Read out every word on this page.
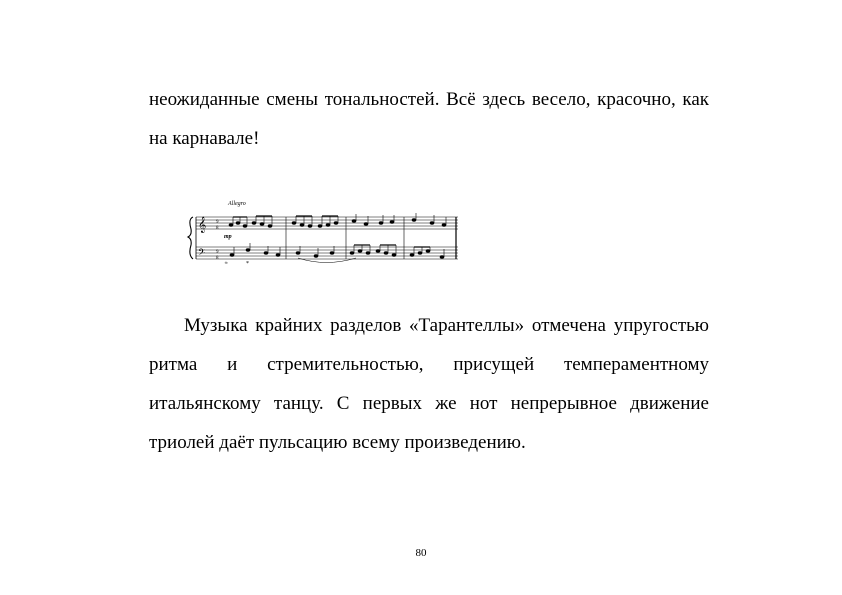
неожиданные смены тональностей. Всё здесь весело, красочно, как на карнавале!

Allegro
𝄞
𝄢
9
8
9
8
mp
𝆮	*

Музыка крайних разделов «Тарантеллы» отмечена упругостью ритма и стремительностью, присущей темпераментному итальянскому танцу. С первых же нот непрерывное движение триолей даёт пульсацию всему произведению.

80
